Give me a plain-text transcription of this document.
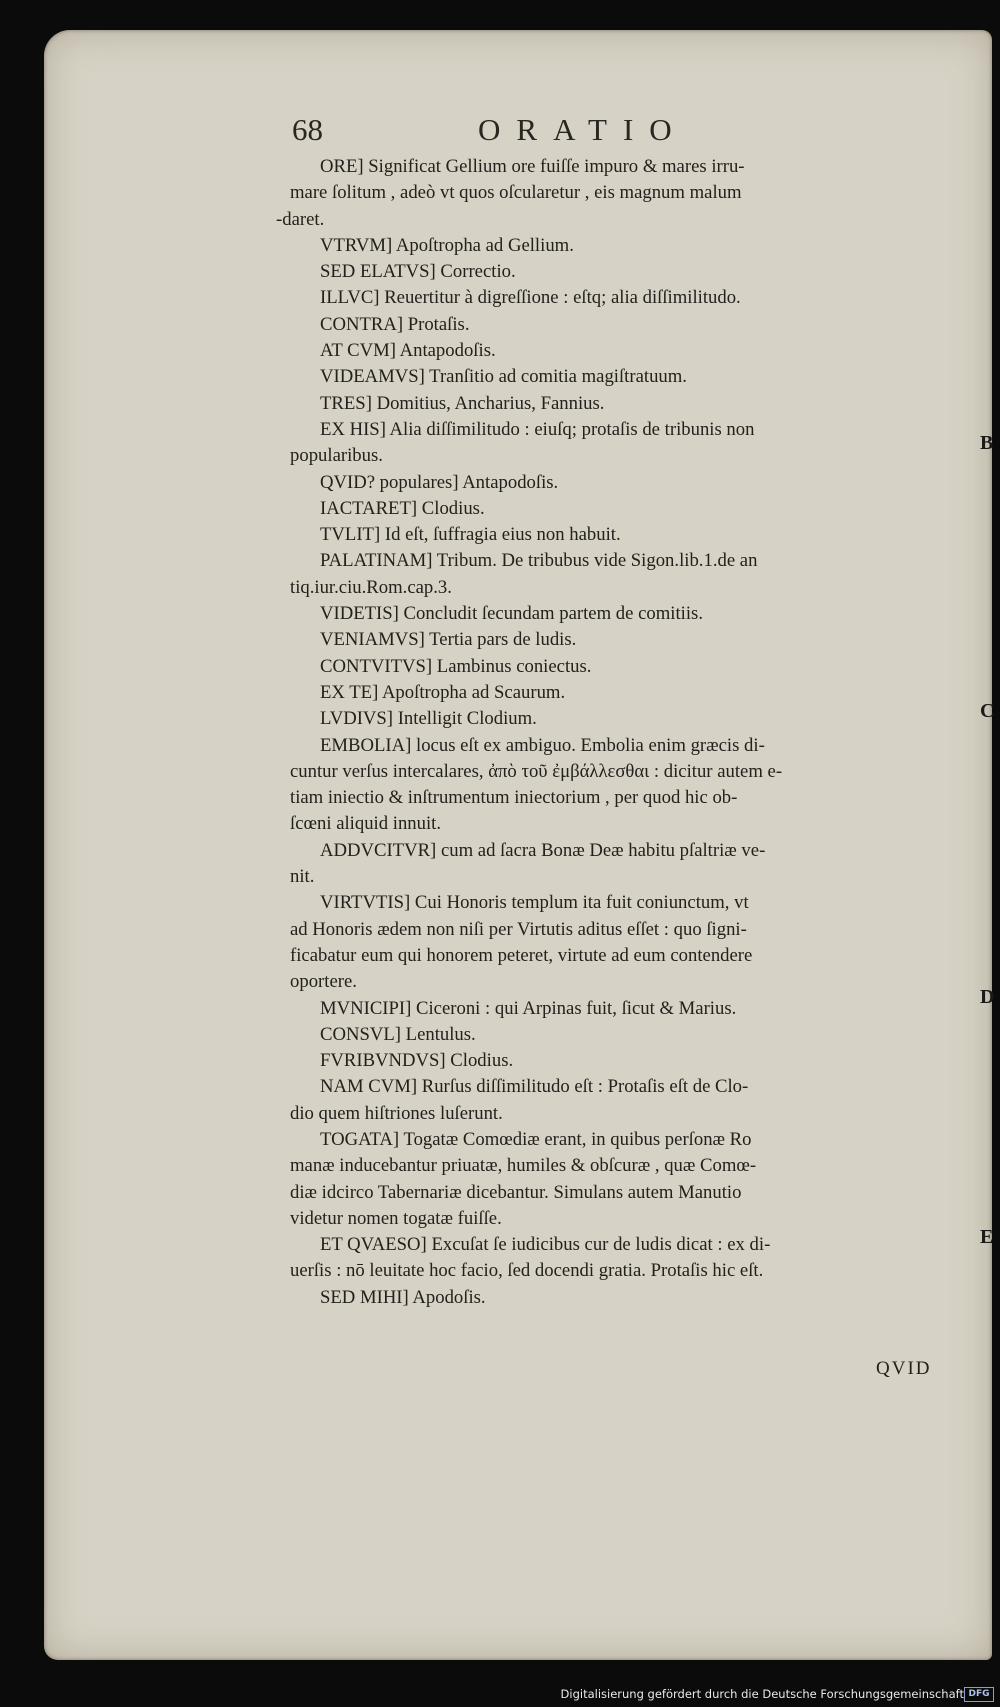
68	ORATIO
ORE] Significat Gellium ore fuiſſe impuro & mares irru-
mare ſolitum , adeò vt quos oſcularetur , eis magnum malum
-daret.
VTRVM] Apoſtropha ad Gellium.
SED ELATVS] Correctio.
ILLVC] Reuertitur à digreſſione : eſtq; alia diſſimilitudo.
CONTRA] Protaſis.
AT CVM] Antapodoſis.
VIDEAMVS] Tranſitio ad comitia magiſtratuum.
TRES] Domitius, Ancharius, Fannius.
EX HIS] Alia diſſimilitudo : eiuſq; protaſis de tribunis non
popularibus.
QVID? populares] Antapodoſis.
IACTARET] Clodius.
TVLIT] Id eſt, ſuffragia eius non habuit.
PALATINAM] Tribum. De tribubus vide Sigon.lib.1.de an
tiq.iur.ciu.Rom.cap.3.
VIDETIS] Concludit ſecundam partem de comitiis.
VENIAMVS] Tertia pars de ludis.
CONTVITVS] Lambinus coniectus.
EX TE] Apoſtropha ad Scaurum.
LVDIVS] Intelligit Clodium.
EMBOLIA] locus eſt ex ambiguo. Embolia enim græcis di-
cuntur verſus intercalares, ἀπὸ τοῦ ἐμβάλλεσθαι : dicitur autem e-
tiam iniectio & inſtrumentum iniectorium , per quod hic ob-
ſcœni aliquid innuit.
ADDVCITVR] cum ad ſacra Bonæ Deæ habitu pſaltriæ ve-
nit.
VIRTVTIS] Cui Honoris templum ita fuit coniunctum, vt
ad Honoris ædem non niſi per Virtutis aditus eſſet : quo ſigni-
ficabatur eum qui honorem peteret, virtute ad eum contendere
oportere.
MVNICIPI] Ciceroni : qui Arpinas fuit, ſicut & Marius.
CONSVL] Lentulus.
FVRIBVNDVS] Clodius.
NAM CVM] Rurſus diſſimilitudo eſt : Protaſis eſt de Clo-
dio quem hiſtriones luſerunt.
TOGATA] Togatæ Comœdiæ erant, in quibus perſonæ Ro
manæ inducebantur priuatæ, humiles & obſcuræ , quæ Comœ-
diæ idcirco Tabernariæ dicebantur. Simulans autem Manutio
videtur nomen togatæ fuiſſe.
ET QVAESO] Excuſat ſe iudicibus cur de ludis dicat : ex di-
uerſis : nō leuitate hoc facio, ſed docendi gratia. Protaſis hic eſt.
SED MIHI] Apodoſis.
QVID
B
C
D
E
Digitalisierung gefördert durch die Deutsche Forschungsgemeinschaft DFG
